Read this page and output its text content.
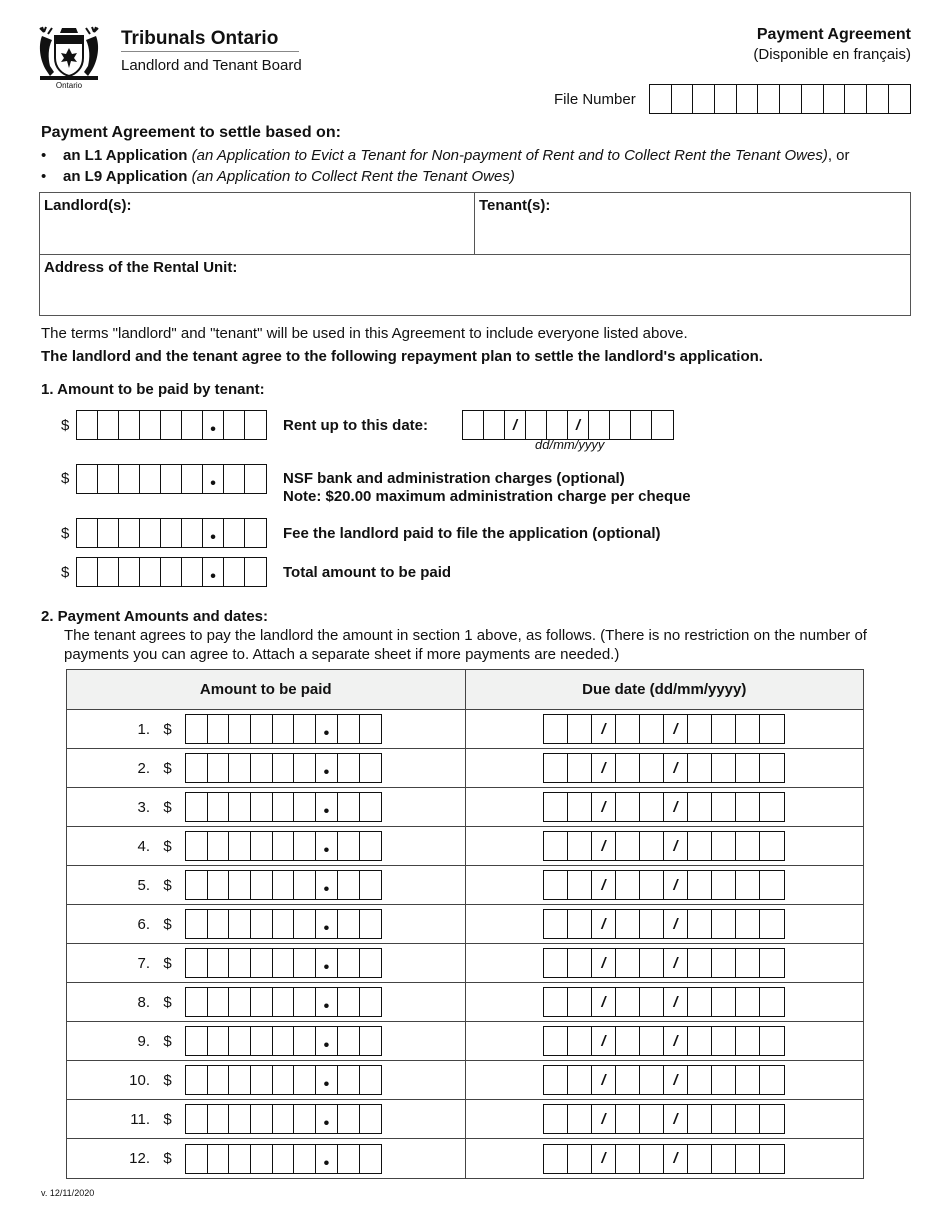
Ontario
Tribunals Ontario
Landlord and Tenant Board
Payment Agreement
(Disponible en français)
File Number
Payment Agreement to settle based on:
• an L1 Application (an Application to Evict a Tenant for Non-payment of Rent and to Collect Rent the Tenant Owes), or
• an L9 Application (an Application to Collect Rent the Tenant Owes)
Landlord(s):	Tenant(s):
Address of the Rental Unit:
The terms "landlord" and "tenant" will be used in this Agreement to include everyone listed above.
The landlord and the tenant agree to the following repayment plan to settle the landlord's application.
1. Amount to be paid by tenant:
$	•	Rent up to this date:	/	/
dd/mm/yyyy
$	•	NSF bank and administration charges (optional)
Note: $20.00 maximum administration charge per cheque
$	•	Fee the landlord paid to file the application (optional)
$	•	Total amount to be paid
2. Payment Amounts and dates:
The tenant agrees to pay the landlord the amount in section 1 above, as follows. (There is no restriction on the number of payments you can agree to. Attach a separate sheet if more payments are needed.)
Amount to be paid	Due date (dd/mm/yyyy)
1. $	•	/	/
2. $	•	/	/
3. $	•	/	/
4. $	•	/	/
5. $	•	/	/
6. $	•	/	/
7. $	•	/	/
8. $	•	/	/
9. $	•	/	/
10. $	•	/	/
11. $	•	/	/
12. $	•	/	/
v. 12/11/2020
